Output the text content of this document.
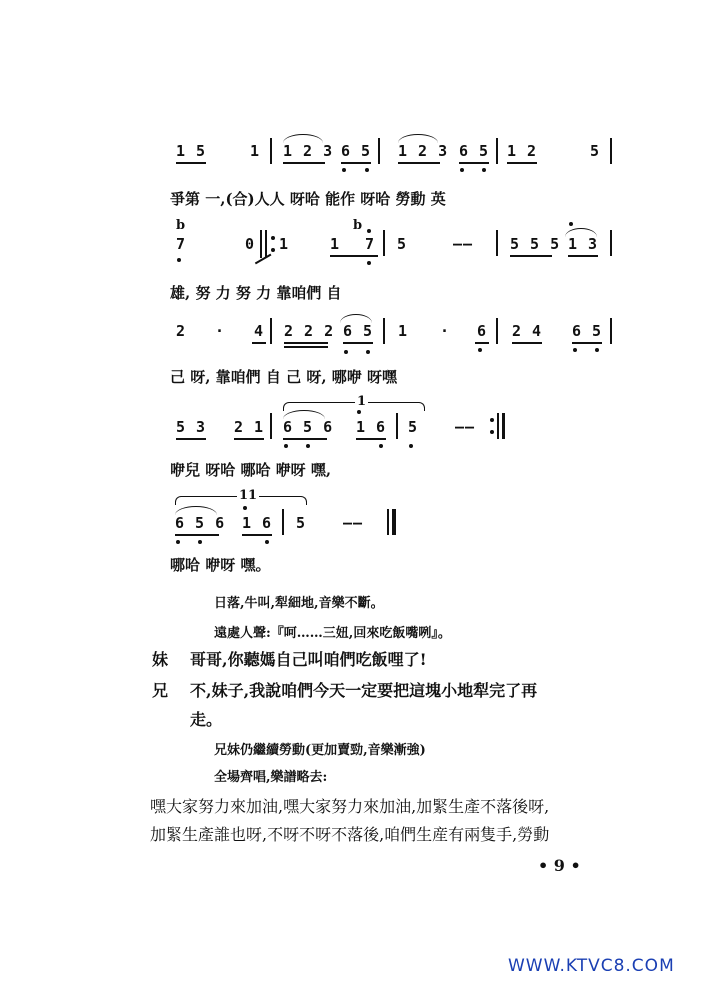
1 5	1 1 2 3 6 5 1 2 3 6 5 1 2	5
爭第 一,(合)人人 呀哈 能作 呀哈 勞動 英
b	b
7	0 1	1 7 5	—— 5 5 5 1 3
雄, 努 力 努 力 靠咱們 自
2 · 4 2 2 2 6 5 1 · 6 2 4 6 5
己 呀, 靠咱們 自 己 呀, 哪咿 呀嘿
1
5 3 2 1 6 5 6 1 6 5 ——
咿兒 呀哈 哪哈 咿呀 嘿,
11
6 5 6 1 6 5 ——
哪哈 咿呀 嘿。
日落,牛叫,犁細地,音樂不斷。
遠處人聲:『呵……三妞,回來吃飯嘴咧』。
妹 哥哥,你聽媽自己叫咱們吃飯哩了!
兄 不,妹子,我說咱們今天一定要把這塊小地犁完了再
走。
兄妹仍繼續勞動(更加賣勁,音樂漸強)
全場齊唱,樂譜略去:
嘿大家努力來加油,嘿大家努力來加油,加緊生產不落後呀,
加緊生產誰也呀,不呀不呀不落後,咱們生産有兩隻手,勞動
• 9 •
WWW.KTVC8.COM
